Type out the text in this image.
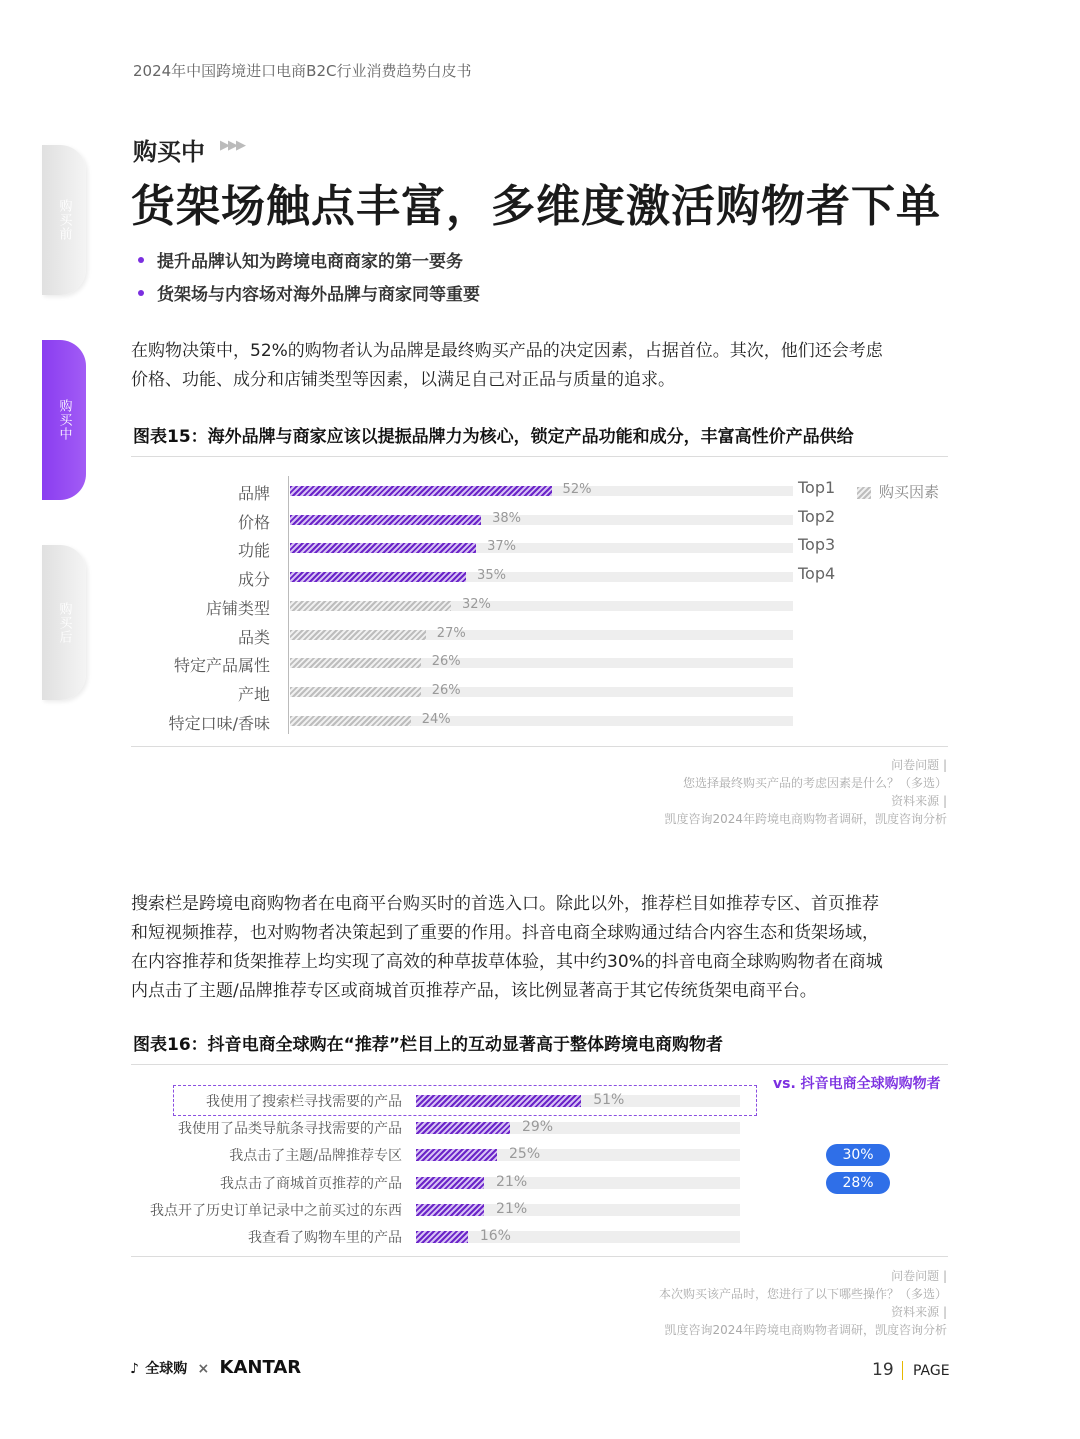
2024年中国跨境进口电商B2C行业消费趋势白皮书
购买前
购买中
购买后
购买中 ▶▶▶
货架场触点丰富，多维度激活购物者下单
提升品牌认知为跨境电商商家的第一要务
货架场与内容场对海外品牌与商家同等重要
在购物决策中，52%的购物者认为品牌是最终购买产品的决定因素，占据首位。其次，他们还会考虑
价格、功能、成分和店铺类型等因素，以满足自己对正品与质量的追求。
图表15：海外品牌与商家应该以提振品牌力为核心，锁定产品功能和成分，丰富高性价产品供给
品牌	52%	Top1
价格	38%	Top2
功能	37%	Top3
成分	35%	Top4
店铺类型	32%
品类	27%
特定产品属性	26%
产地	26%
特定口味/香味	24%
购买因素
问卷问题 |
您选择最终购买产品的考虑因素是什么？（多选）
资料来源 |
凯度咨询2024年跨境电商购物者调研，凯度咨询分析
搜索栏是跨境电商购物者在电商平台购买时的首选入口。除此以外，推荐栏目如推荐专区、首页推荐
和短视频推荐，也对购物者决策起到了重要的作用。抖音电商全球购通过结合内容生态和货架场域，
在内容推荐和货架推荐上均实现了高效的种草拔草体验，其中约30%的抖音电商全球购购物者在商城
内点击了主题/品牌推荐专区或商城首页推荐产品，该比例显著高于其它传统货架电商平台。
图表16：抖音电商全球购在“推荐”栏目上的互动显著高于整体跨境电商购物者
vs. 抖音电商全球购购物者
我使用了搜索栏寻找需要的产品	51%
我使用了品类导航条寻找需要的产品	29%
我点击了主题/品牌推荐专区	25%
我点击了商城首页推荐的产品	21%
我点开了历史订单记录中之前买过的东西	21%
我查看了购物车里的产品	16%
30%
28%
问卷问题 |
本次购买该产品时，您进行了以下哪些操作？（多选）
资料来源 |
凯度咨询2024年跨境电商购物者调研，凯度咨询分析
♪ 全球购 × KANTAR	19 PAGE
